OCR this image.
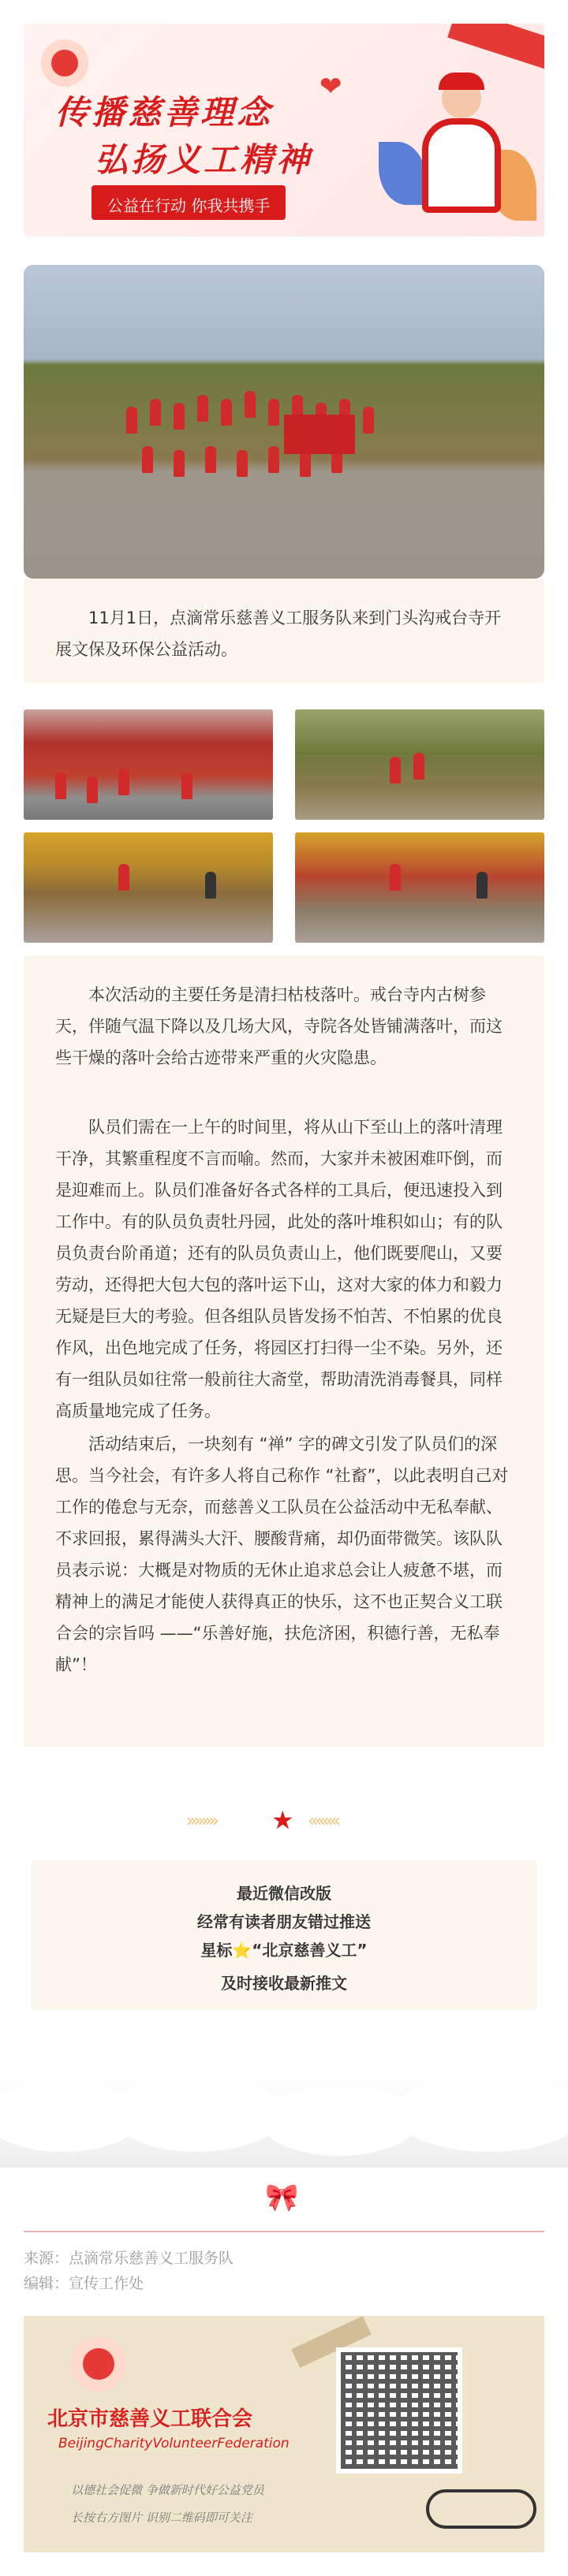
传播慈善理念
弘扬义工精神
❤
公益在行动 你我共携手

11月1日，点滴常乐慈善义工服务队来到门头沟戒台寺开展文保及环保公益活动。

本次活动的主要任务是清扫枯枝落叶。戒台寺内古树参天，伴随气温下降以及几场大风，寺院各处皆铺满落叶，而这些干燥的落叶会给古迹带来严重的火灾隐患。

队员们需在一上午的时间里，将从山下至山上的落叶清理干净，其繁重程度不言而喻。然而，大家并未被困难吓倒，而是迎难而上。队员们准备好各式各样的工具后，便迅速投入到工作中。有的队员负责牡丹园，此处的落叶堆积如山；有的队员负责台阶甬道；还有的队员负责山上，他们既要爬山，又要劳动，还得把大包大包的落叶运下山，这对大家的体力和毅力无疑是巨大的考验。但各组队员皆发扬不怕苦、不怕累的优良作风，出色地完成了任务，将园区打扫得一尘不染。另外，还有一组队员如往常一般前往大斋堂，帮助清洗消毒餐具，同样高质量地完成了任务。

活动结束后，一块刻有 “禅” 字的碑文引发了队员们的深思。当今社会，有许多人将自己称作 “社畜”，以此表明自己对工作的倦怠与无奈，而慈善义工队员在公益活动中无私奉献、不求回报，累得满头大汗、腰酸背痛，却仍面带微笑。该队队员表示说：大概是对物质的无休止追求总会让人疲惫不堪，而精神上的满足才能使人获得真正的快乐，这不也正契合义工联合会的宗旨吗 ——“乐善好施，扶危济困，积德行善，无私奉献”！

»»»» ★ ««««
最近微信改版
经常有读者朋友错过推送
星标⭐“北京慈善义工”
及时接收最新推文
🎀
来源：点滴常乐慈善义工服务队
编辑：宣传工作处
北京市慈善义工联合会
BeijingCharityVolunteerFederation
以德社会促微 争做新时代好公益党员
长按右方图片 识别二维码即可关注
